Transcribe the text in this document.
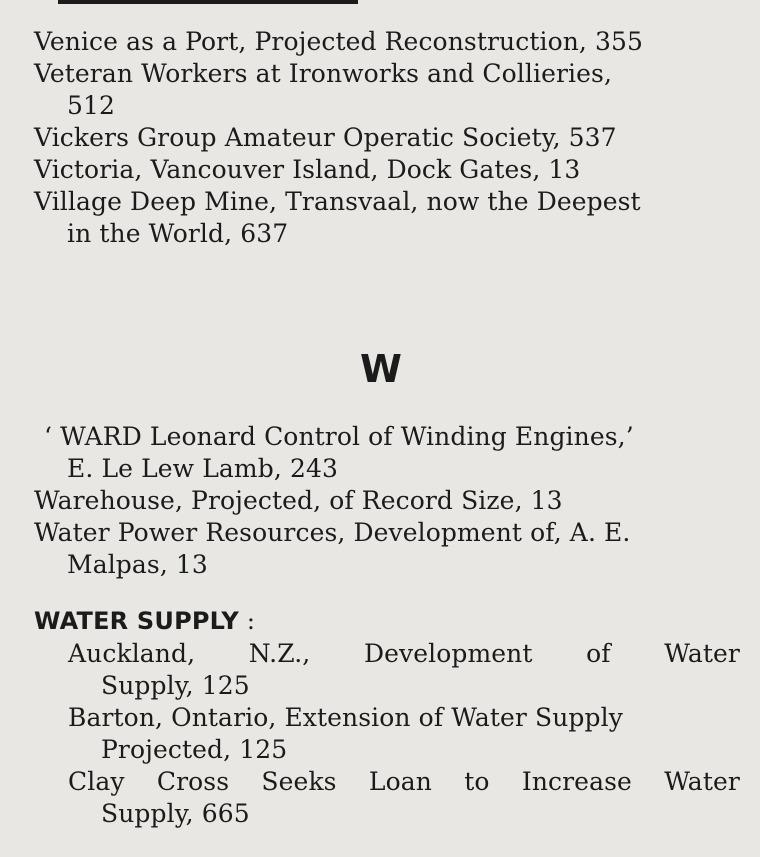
Venice as a Port, Projected Reconstruction, 355
Veteran Workers at Ironworks and Collieries,
512
Vickers Group Amateur Operatic Society, 537
Victoria, Vancouver Island, Dock Gates, 13
Village Deep Mine, Transvaal, now the Deepest
in the World, 637
W
‘ WARD Leonard Control of Winding Engines,’
E. Le Lew Lamb, 243
Warehouse, Projected, of Record Size, 13
Water Power Resources, Development of, A. E.
Malpas, 13
WATER SUPPLY :
Auckland, N.Z., Development of Water
Supply, 125
Barton, Ontario, Extension of Water Supply
Projected, 125
Clay Cross Seeks Loan to Increase Water
Supply, 665
